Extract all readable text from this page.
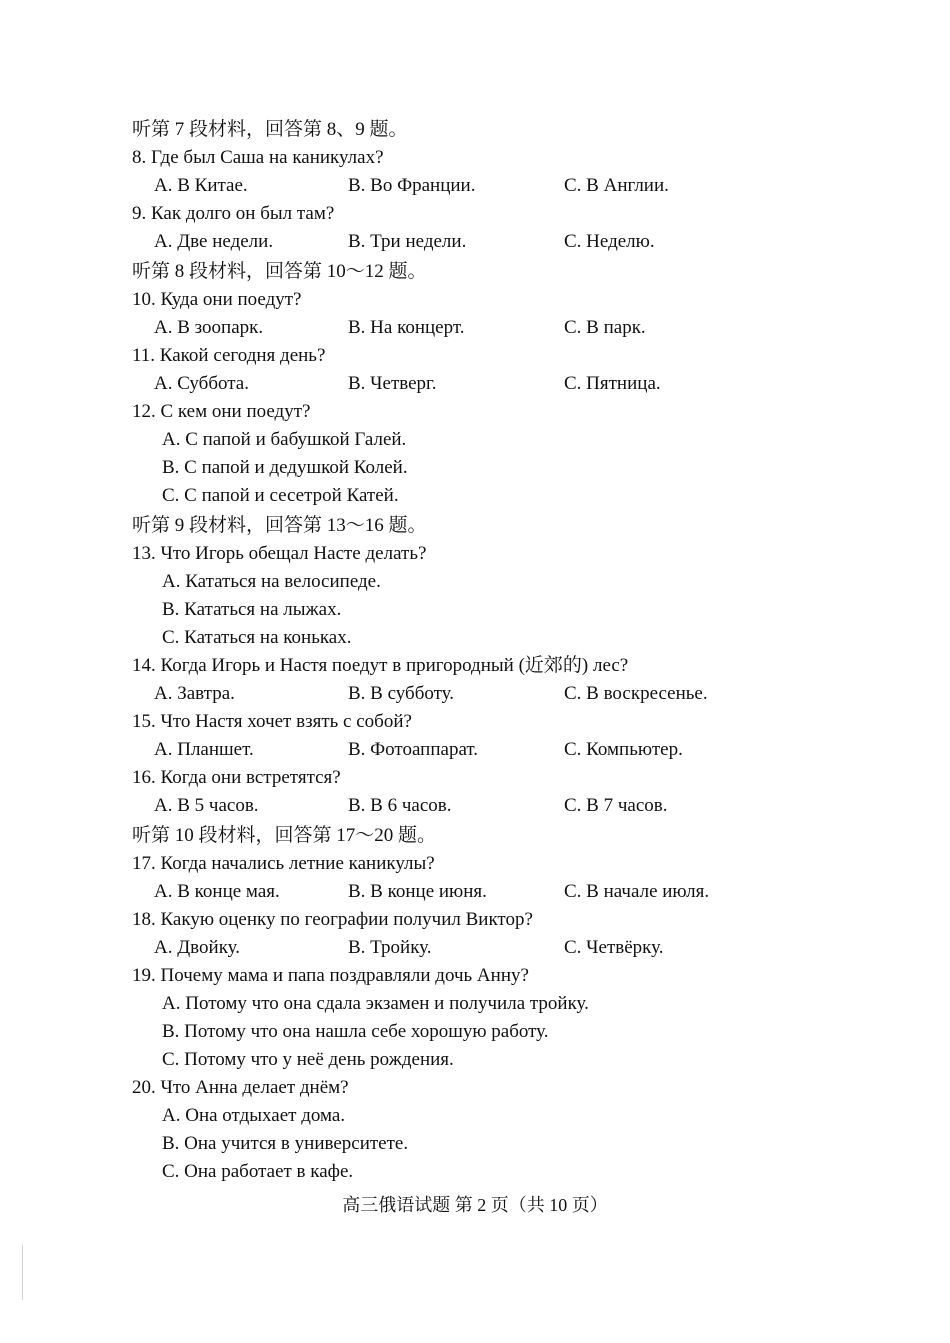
听第 7 段材料，回答第 8、9 题。
8. Где был Саша на каникулах?
A. В Китае.	B. Во Франции.	C. В Англии.
9. Как долго он был там?
A. Две недели.	B. Три недели.	C. Неделю.
听第 8 段材料，回答第 10～12 题。
10. Куда они поедут?
A. В зоопарк.	B. На концерт.	C. В парк.
11. Какой сегодня день?
A. Суббота.	B. Четверг.	C. Пятница.
12. С кем они поедут?
A. С папой и бабушкой Галей.
B. С папой и дедушкой Колей.
C. С папой и сесетрой Катей.
听第 9 段材料，回答第 13～16 题。
13. Что Игорь обещал Насте делать?
A. Кататься на велосипеде.
B. Кататься на лыжах.
C. Кататься на коньках.
14. Когда Игорь и Настя поедут в пригородный (近郊的) лес?
A. Завтра.	B. В субботу.	C. В воскресенье.
15. Что Настя хочет взять с собой?
A. Планшет.	B. Фотоаппарат.	C. Компьютер.
16. Когда они встретятся?
A. В 5 часов.	B. В 6 часов.	C. В 7 часов.
听第 10 段材料，回答第 17～20 题。
17. Когда начались летние каникулы?
A. В конце мая.	B. В конце июня.	C. В начале июля.
18. Какую оценку по географии получил Виктор?
A. Двойку.	B. Тройку.	C. Четвёрку.
19. Почему мама и папа поздравляли дочь Анну?
A. Потому что она сдала экзамен и получила тройку.
B. Потому что она нашла себе хорошую работу.
C. Потому что у неё день рождения.
20. Что Анна делает днём?
A. Она отдыхает дома.
B. Она учится в университете.
C. Она работает в кафе.
高三俄语试题 第 2 页（共 10 页）
